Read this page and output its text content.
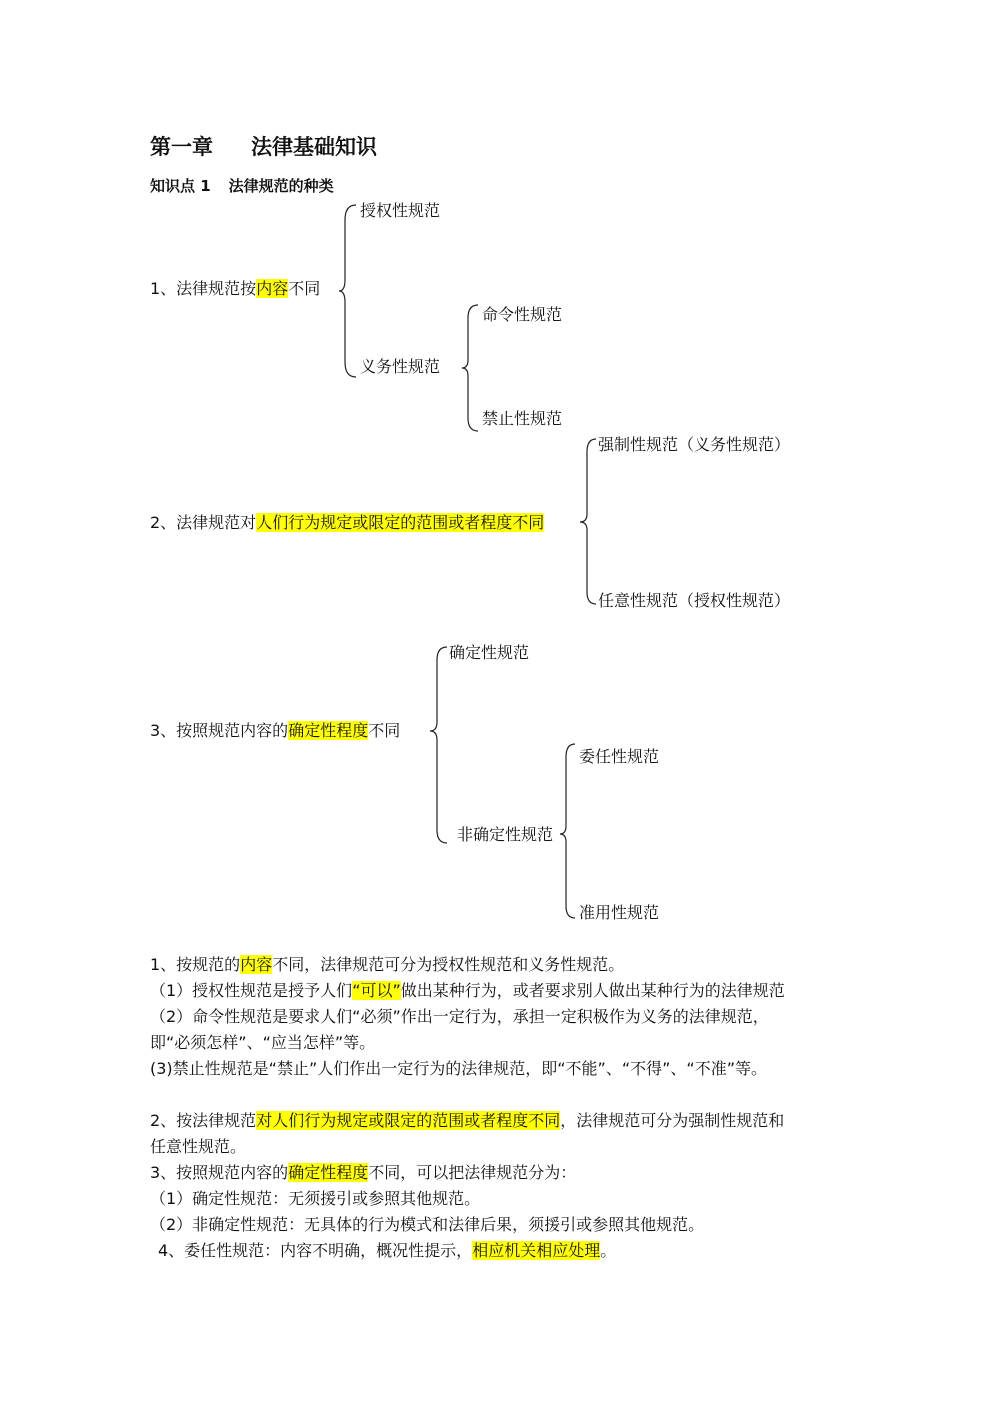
第一章 法律基础知识
知识点 1 法律规范的种类
授权性规范
1、法律规范按内容不同
命令性规范
义务性规范
禁止性规范
强制性规范（义务性规范）
2、法律规范对人们行为规定或限定的范围或者程度不同
任意性规范（授权性规范）
确定性规范
3、按照规范内容的确定性程度不同
委任性规范
非确定性规范
准用性规范
1、按规范的内容不同，法律规范可分为授权性规范和义务性规范。
（1）授权性规范是授予人们“可以”做出某种行为，或者要求别人做出某种行为的法律规范
（2）命令性规范是要求人们“必须”作出一定行为，承担一定积极作为义务的法律规范，
即“必须怎样”、“应当怎样”等。
(3)禁止性规范是“禁止”人们作出一定行为的法律规范，即“不能”、“不得”、“不准”等。
2、按法律规范对人们行为规定或限定的范围或者程度不同，法律规范可分为强制性规范和
任意性规范。
3、按照规范内容的确定性程度不同，可以把法律规范分为：
（1）确定性规范：无须援引或参照其他规范。
（2）非确定性规范：无具体的行为模式和法律后果，须援引或参照其他规范。
4、委任性规范：内容不明确，概况性提示，相应机关相应处理。
